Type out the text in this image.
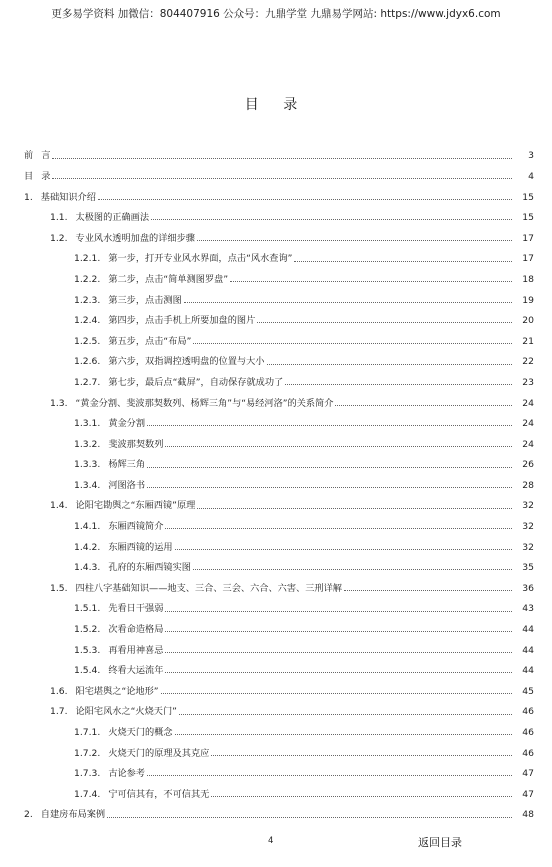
更多易学资料 加微信：804407916 公众号：九鼎学堂 九鼎易学网站: https://www.jdyx6.com
目 录
前 言	3
目 录	4
1. 基础知识介绍	15
1.1. 太极图的正确画法	15
1.2. 专业风水透明加盘的详细步骤	17
1.2.1. 第一步，打开专业风水界面，点击“风水查询”	17
1.2.2. 第二步，点击“简单测图罗盘”	18
1.2.3. 第三步，点击测图	19
1.2.4. 第四步，点击手机上所要加盘的图片	20
1.2.5. 第五步，点击“布局”	21
1.2.6. 第六步，双指调控透明盘的位置与大小	22
1.2.7. 第七步，最后点“截屏”，自动保存就成功了	23
1.3. “黄金分割、斐波那契数列、杨辉三角”与“易经河洛”的关系简介	24
1.3.1. 黄金分割	24
1.3.2. 斐波那契数列	24
1.3.3. 杨辉三角	26
1.3.4. 河图洛书	28
1.4. 论阳宅勘舆之“东厢西镜”原理	32
1.4.1. 东厢西镜简介	32
1.4.2. 东厢西镜的运用	32
1.4.3. 孔府的东厢西镜实图	35
1.5. 四柱八字基础知识——地支、三合、三会、六合、六害、三刑详解	36
1.5.1. 先看日干强弱	43
1.5.2. 次看命造格局	44
1.5.3. 再看用神喜忌	44
1.5.4. 终看大运流年	44
1.6. 阳宅堪舆之“论地形”	45
1.7. 论阳宅风水之“火烧天门”	46
1.7.1. 火烧天门的概念	46
1.7.2. 火烧天门的原理及其克应	46
1.7.3. 古论参考	47
1.7.4. 宁可信其有，不可信其无	47
2. 自建房布局案例	48
4	返回目录
